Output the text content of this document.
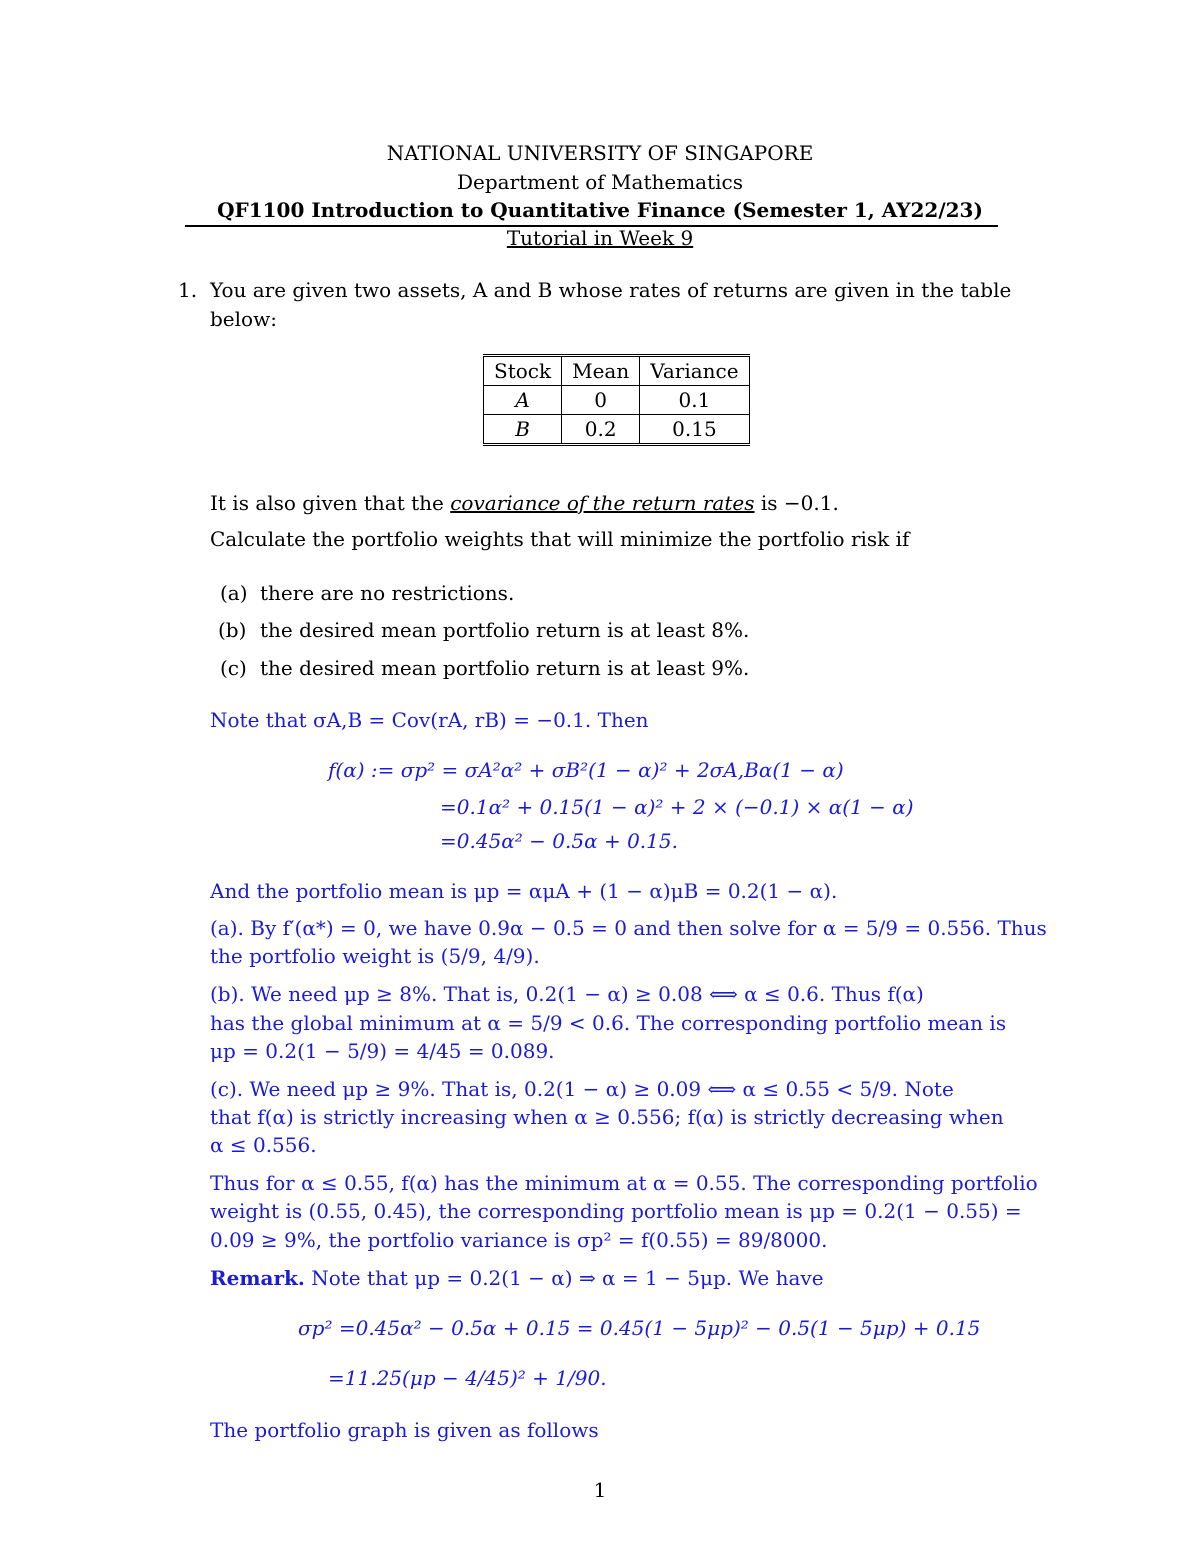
NATIONAL UNIVERSITY OF SINGAPORE
Department of Mathematics
QF1100 Introduction to Quantitative Finance (Semester 1, AY22/23)
Tutorial in Week 9
1. You are given two assets, A and B whose rates of returns are given in the table
below:
Stock	Mean	Variance
A	0	0.1
B	0.2	0.15
It is also given that the covariance of the return rates is −0.1.
Calculate the portfolio weights that will minimize the portfolio risk if
(a) there are no restrictions.
(b) the desired mean portfolio return is at least 8%.
(c) the desired mean portfolio return is at least 9%.
Note that σA,B = Cov(rA, rB) = −0.1. Then
f(α) := σp² = σA²α² + σB²(1 − α)² + 2σA,Bα(1 − α)
=0.1α² + 0.15(1 − α)² + 2 × (−0.1) × α(1 − α)
=0.45α² − 0.5α + 0.15.
And the portfolio mean is μp = αμA + (1 − α)μB = 0.2(1 − α).
(a). By f′(α*) = 0, we have 0.9α − 0.5 = 0 and then solve for α = 5/9 = 0.556. Thus
the portfolio weight is (5/9, 4/9).
(b). We need μp ≥ 8%. That is, 0.2(1 − α) ≥ 0.08 ⟺ α ≤ 0.6. Thus f(α)
has the global minimum at α = 5/9 < 0.6. The corresponding portfolio mean is
μp = 0.2(1 − 5/9) = 4/45 = 0.089.
(c). We need μp ≥ 9%. That is, 0.2(1 − α) ≥ 0.09 ⟺ α ≤ 0.55 < 5/9. Note
that f(α) is strictly increasing when α ≥ 0.556; f(α) is strictly decreasing when
α ≤ 0.556.
Thus for α ≤ 0.55, f(α) has the minimum at α = 0.55. The corresponding portfolio
weight is (0.55, 0.45), the corresponding portfolio mean is μp = 0.2(1 − 0.55) =
0.09 ≥ 9%, the portfolio variance is σp² = f(0.55) = 89/8000.
Remark. Note that μp = 0.2(1 − α) ⇒ α = 1 − 5μp. We have
σp² =0.45α² − 0.5α + 0.15 = 0.45(1 − 5μp)² − 0.5(1 − 5μp) + 0.15
=11.25(μp − 4/45)² + 1/90.
The portfolio graph is given as follows
1
